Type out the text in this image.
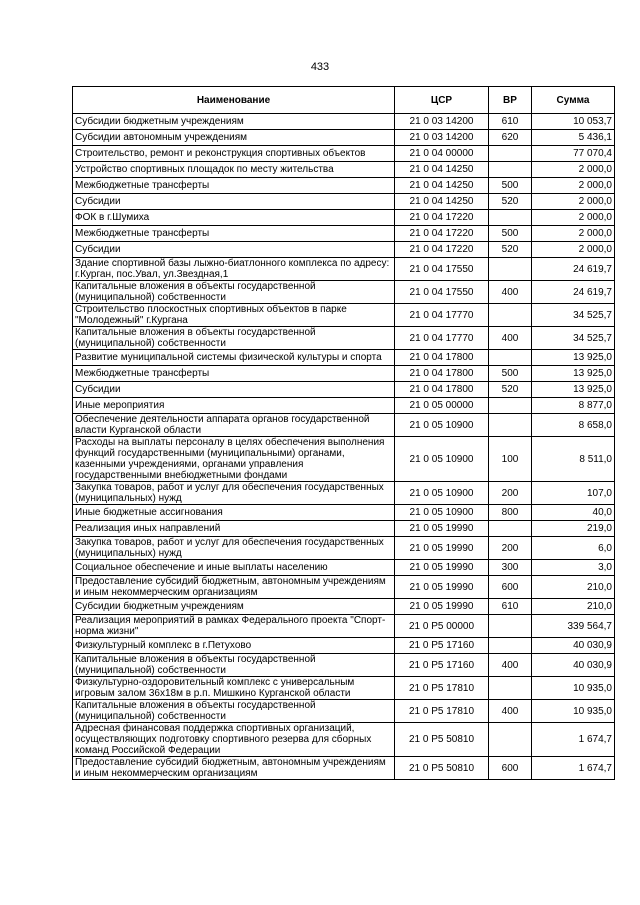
433
Наименование	ЦСР	ВР	Сумма
Субсидии бюджетным учреждениям	21 0 03 14200	610	10 053,7
Субсидии автономным учреждениям	21 0 03 14200	620	5 436,1
Строительство, ремонт и реконструкция спортивных объектов	21 0 04 00000		77 070,4
Устройство спортивных площадок по месту жительства	21 0 04 14250		2 000,0
Межбюджетные трансферты	21 0 04 14250	500	2 000,0
Субсидии	21 0 04 14250	520	2 000,0
ФОК в г.Шумиха	21 0 04 17220		2 000,0
Межбюджетные трансферты	21 0 04 17220	500	2 000,0
Субсидии	21 0 04 17220	520	2 000,0
Здание спортивной базы лыжно-биатлонного комплекса по адресу: г.Курган, пос.Увал, ул.Звездная,1	21 0 04 17550		24 619,7
Капитальные вложения в объекты государственной (муниципальной) собственности	21 0 04 17550	400	24 619,7
Строительство плоскостных спортивных объектов в парке "Молодежный" г.Кургана	21 0 04 17770		34 525,7
Капитальные вложения в объекты государственной (муниципальной) собственности	21 0 04 17770	400	34 525,7
Развитие муниципальной системы физической культуры и спорта	21 0 04 17800		13 925,0
Межбюджетные трансферты	21 0 04 17800	500	13 925,0
Субсидии	21 0 04 17800	520	13 925,0
Иные мероприятия	21 0 05 00000		8 877,0
Обеспечение деятельности аппарата органов государственной власти Курганской области	21 0 05 10900		8 658,0
Расходы на выплаты персоналу в целях обеспечения выполнения функций государственными (муниципальными) органами, казенными учреждениями, органами управления государственными внебюджетными фондами	21 0 05 10900	100	8 511,0
Закупка товаров, работ и услуг для обеспечения государственных (муниципальных) нужд	21 0 05 10900	200	107,0
Иные бюджетные ассигнования	21 0 05 10900	800	40,0
Реализация иных направлений	21 0 05 19990		219,0
Закупка товаров, работ и услуг для обеспечения государственных (муниципальных) нужд	21 0 05 19990	200	6,0
Социальное обеспечение и иные выплаты населению	21 0 05 19990	300	3,0
Предоставление субсидий бюджетным, автономным учреждениям и иным некоммерческим организациям	21 0 05 19990	600	210,0
Субсидии бюджетным учреждениям	21 0 05 19990	610	210,0
Реализация мероприятий в рамках Федерального проекта "Спорт-норма жизни"	21 0 Р5 00000		339 564,7
Физкультурный комплекс в г.Петухово	21 0 Р5 17160		40 030,9
Капитальные вложения в объекты государственной (муниципальной) собственности	21 0 Р5 17160	400	40 030,9
Физкультурно-оздоровительный комплекс с универсальным игровым залом 36x18м в р.п. Мишкино Курганской области	21 0 Р5 17810		10 935,0
Капитальные вложения в объекты государственной (муниципальной) собственности	21 0 Р5 17810	400	10 935,0
Адресная финансовая поддержка спортивных организаций, осуществляющих подготовку спортивного резерва для сборных команд Российской Федерации	21 0 Р5 50810		1 674,7
Предоставление субсидий бюджетным, автономным учреждениям и иным некоммерческим организациям	21 0 Р5 50810	600	1 674,7
